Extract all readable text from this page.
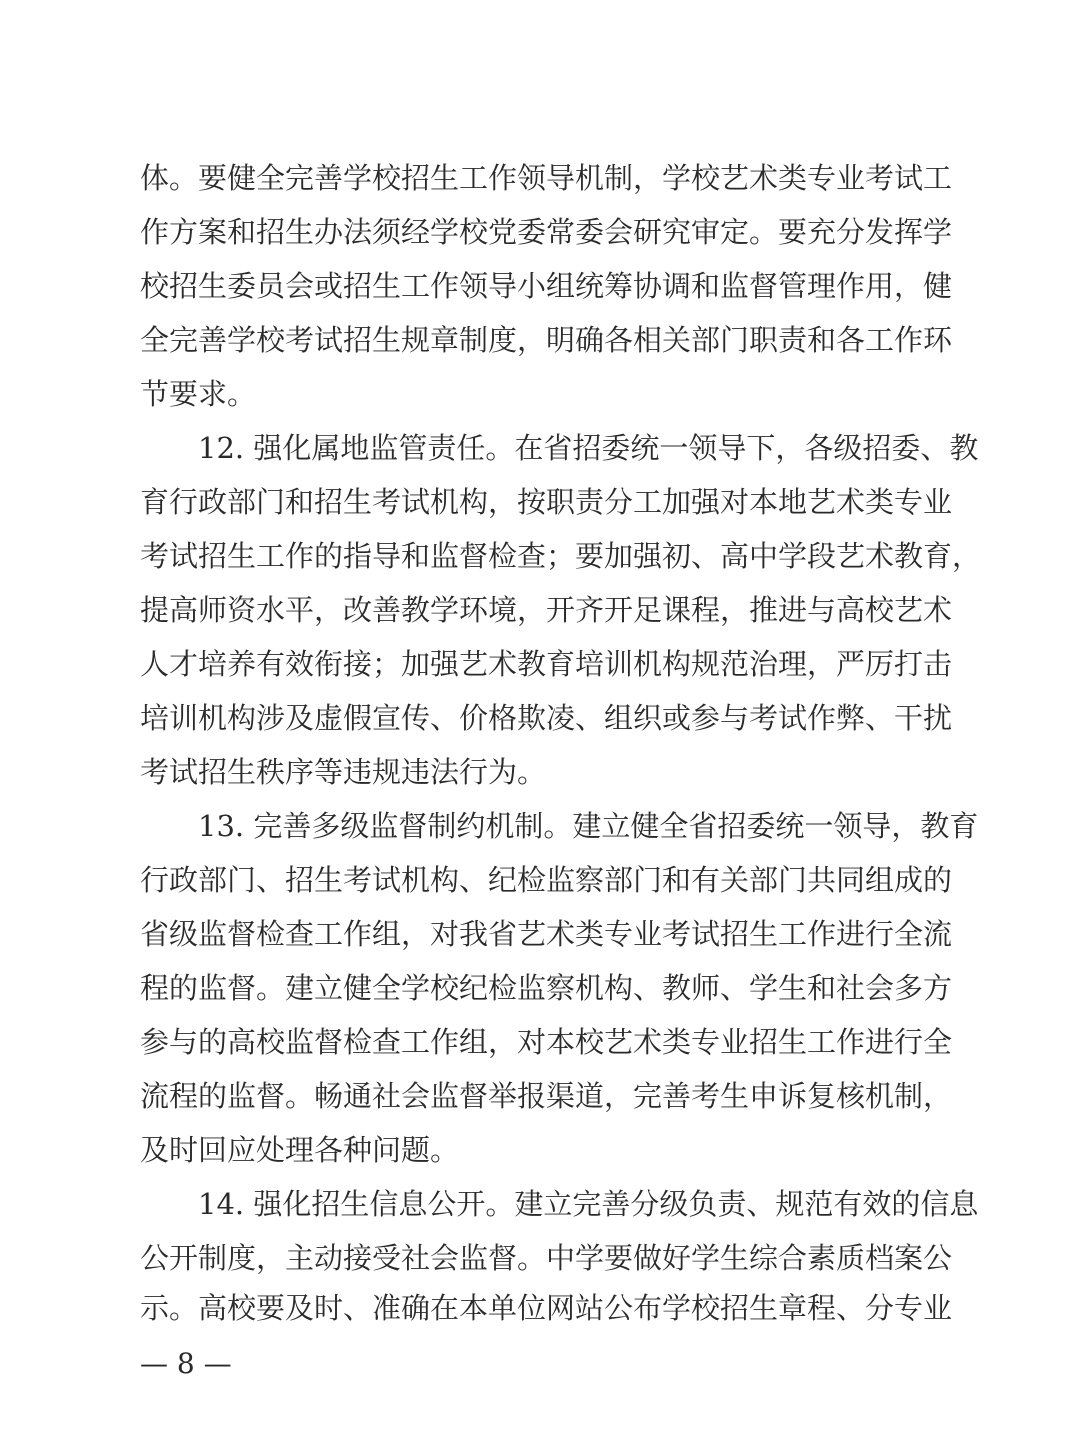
体。要健全完善学校招生工作领导机制，学校艺术类专业考试工
作方案和招生办法须经学校党委常委会研究审定。要充分发挥学
校招生委员会或招生工作领导小组统筹协调和监督管理作用，健
全完善学校考试招生规章制度，明确各相关部门职责和各工作环
节要求。
12. 强化属地监管责任。在省招委统一领导下，各级招委、教
育行政部门和招生考试机构，按职责分工加强对本地艺术类专业
考试招生工作的指导和监督检查；要加强初、高中学段艺术教育，
提高师资水平，改善教学环境，开齐开足课程，推进与高校艺术
人才培养有效衔接；加强艺术教育培训机构规范治理，严厉打击
培训机构涉及虚假宣传、价格欺凌、组织或参与考试作弊、干扰
考试招生秩序等违规违法行为。
13. 完善多级监督制约机制。建立健全省招委统一领导，教育
行政部门、招生考试机构、纪检监察部门和有关部门共同组成的
省级监督检查工作组，对我省艺术类专业考试招生工作进行全流
程的监督。建立健全学校纪检监察机构、教师、学生和社会多方
参与的高校监督检查工作组，对本校艺术类专业招生工作进行全
流程的监督。畅通社会监督举报渠道，完善考生申诉复核机制，
及时回应处理各种问题。
14. 强化招生信息公开。建立完善分级负责、规范有效的信息
公开制度，主动接受社会监督。中学要做好学生综合素质档案公
示。高校要及时、准确在本单位网站公布学校招生章程、分专业
— 8 —
